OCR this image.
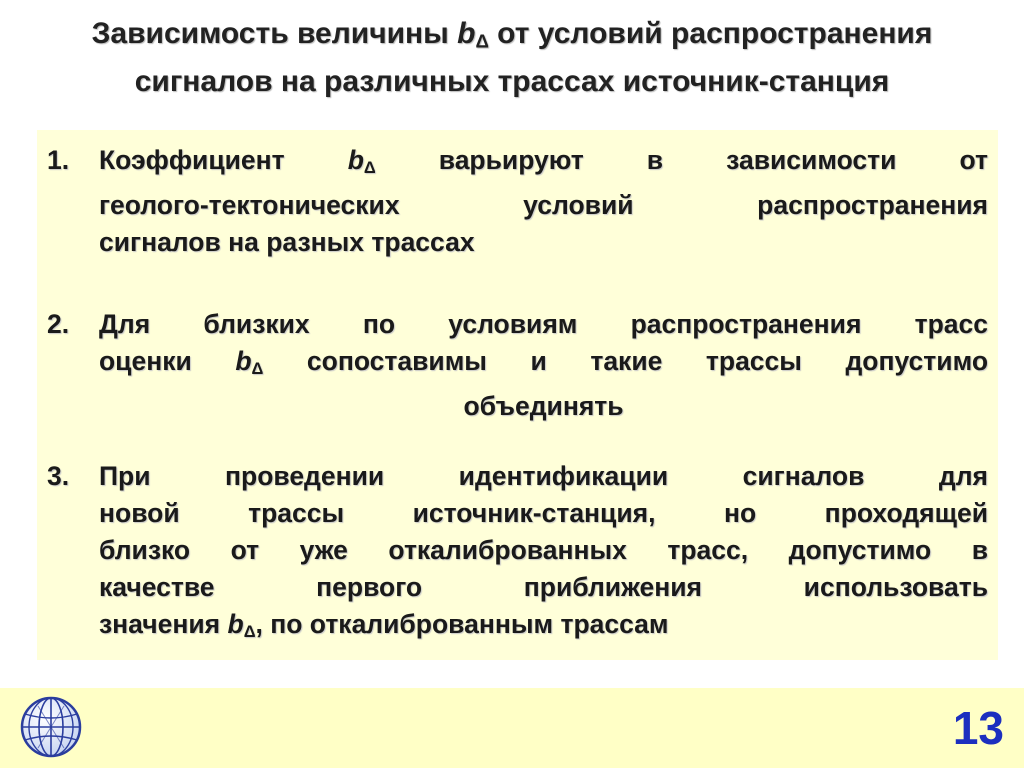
Зависимость величины $b_\Delta$ от условий распространения
сигналов на различных трассах источник-станция
1. Коэффициент $b_\Delta$ варьируют в зависимости от
геолого-тектонических условий распространения
сигналов на разных трассах
2. Для близких по условиям распространения трасс
оценки $b_\Delta$ сопоставимы и такие трассы допустимо
объединять
3. При проведении идентификации сигналов для
новой трассы источник-станция, но проходящей
близко от уже откалиброванных трасс, допустимо в
качестве первого приближения использовать
значения $b_\Delta$, по откалиброванным трассам
13
